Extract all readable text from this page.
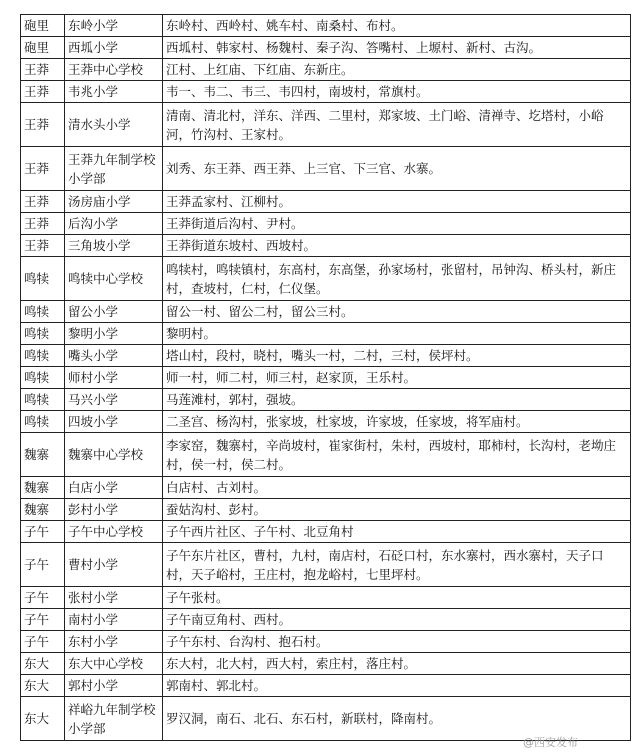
砲里	东岭小学	东岭村、西岭村、姚车村、南桑村、布村。
砲里	西坬小学	西坬村、韩家村、杨魏村、秦子沟、答嘴村、上塬村、新村、古沟。
王莽	王莽中心学校	江村、上红庙、下红庙、东新庄。
王莽	韦兆小学	韦一、韦二、韦三、韦四村，南坡村，常旗村。
王莽	清水头小学	清南、清北村，洋东、洋西、二里村，郑家坡、土门峪、清禅寺、圪塔村，小峪河，竹沟村、王家村。
王莽	王莽九年制学校小学部	刘秀、东王莽、西王莽、上三官、下三官、水寨。
王莽	汤房庙小学	王莽孟家村、江柳村。
王莽	后沟小学	王莽街道后沟村、尹村。
王莽	三角坡小学	王莽街道东坡村、西坡村。
鸣犊	鸣犊中心学校	鸣犊村，鸣犊镇村，东高村，东高堡，孙家场村，张留村，吊钟沟、桥头村，新庄村，查坡村，仁村，仁仪堡。
鸣犊	留公小学	留公一村、留公二村，留公三村。
鸣犊	黎明小学	黎明村。
鸣犊	嘴头小学	塔山村，段村，晓村，嘴头一村，二村，三村，侯坪村。
鸣犊	师村小学	师一村，师二村，师三村，赵家顶，王乐村。
鸣犊	马兴小学	马莲滩村，郭村，强坡。
鸣犊	四坡小学	二圣宫、杨沟村，张家坡，杜家坡，许家坡，任家坡，将军庙村。
魏寨	魏寨中心学校	李家窑，魏寨村，辛尚坡村，崔家街村，朱村，西坡村，耶柿村，长沟村，老坳庄村，侯一村，侯二村。
魏寨	白店小学	白店村、古刘村。
魏寨	彭村小学	蚕姑沟村、彭村。
子午	子午中心学校	子午西片社区、子午村、北豆角村
子午	曹村小学	子午东片社区，曹村，九村，南店村，石砭口村，东水寨村，西水寨村，天子口村，天子峪村，王庄村，抱龙峪村，七里坪村。
子午	张村小学	子午张村。
子午	南村小学	子午南豆角村、西村。
子午	东村小学	子午东村、台沟村、抱石村。
东大	东大中心学校	东大村，北大村，西大村，索庄村，落庄村。
东大	郭村小学	郭南村、郭北村。
东大	祥峪九年制学校小学部	罗汉洞，南石、北石、东石村，新联村，降南村。
@西安发布
